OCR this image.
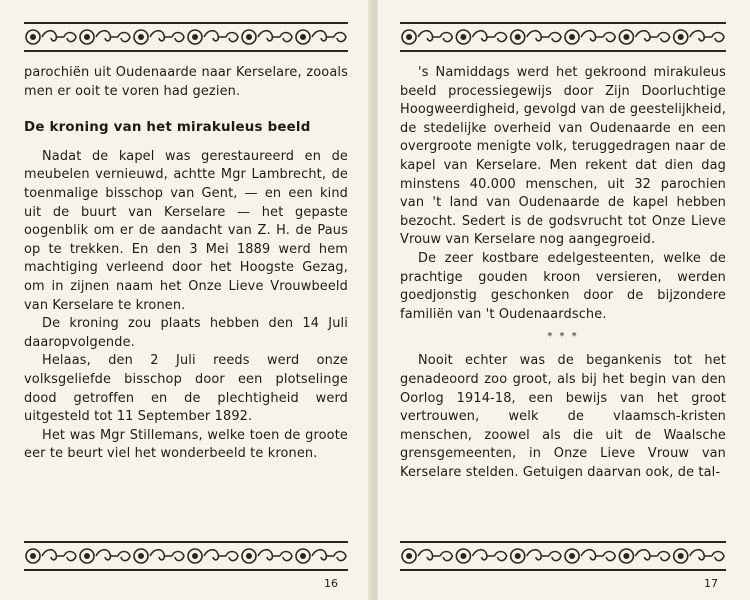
parochiën uit Oudenaarde naar Kerselare, zooals men er ooit te voren had gezien.

De kroning van het mirakuleus beeld

Nadat de kapel was gerestaureerd en de meubelen vernieuwd, achtte Mgr Lambrecht, de toenmalige bisschop van Gent, — en een kind uit de buurt van Kerselare — het gepaste oogenblik om er de aandacht van Z. H. de Paus op te trekken. En den 3 Mei 1889 werd hem machtiging verleend door het Hoogste Gezag, om in zijnen naam het Onze Lieve Vrouwbeeld van Kerselare te kronen.

De kroning zou plaats hebben den 14 Juli daaropvolgende.

Helaas, den 2 Juli reeds werd onze volksgeliefde bisschop door een plotselinge dood getroffen en de plechtigheid werd uitgesteld tot 11 September 1892.

Het was Mgr Stillemans, welke toen de groote eer te beurt viel het wonderbeeld te kronen.

16

's Namiddags werd het gekroond mirakuleus beeld processiegewijs door Zijn Doorluchtige Hoogweerdigheid, gevolgd van de geestelijkheid, de stedelijke overheid van Oudenaarde en een overgroote menigte volk, teruggedragen naar de kapel van Kerselare. Men rekent dat dien dag minstens 40.000 menschen, uit 32 parochien van 't land van Oudenaarde de kapel hebben bezocht. Sedert is de godsvrucht tot Onze Lieve Vrouw van Kerselare nog aangegroeid.

De zeer kostbare edelgesteenten, welke de prachtige gouden kroon versieren, werden goedjonstig geschonken door de bijzondere familiën van 't Oudenaardsche.

* * *

Nooit echter was de begankenis tot het genadeoord zoo groot, als bij het begin van den Oorlog 1914-18, een bewijs van het groot vertrouwen, welk de vlaamsch-kristen menschen, zoowel als die uit de Waalsche grensgemeenten, in Onze Lieve Vrouw van Kerselare stelden. Getuigen daarvan ook, de tal-

17
